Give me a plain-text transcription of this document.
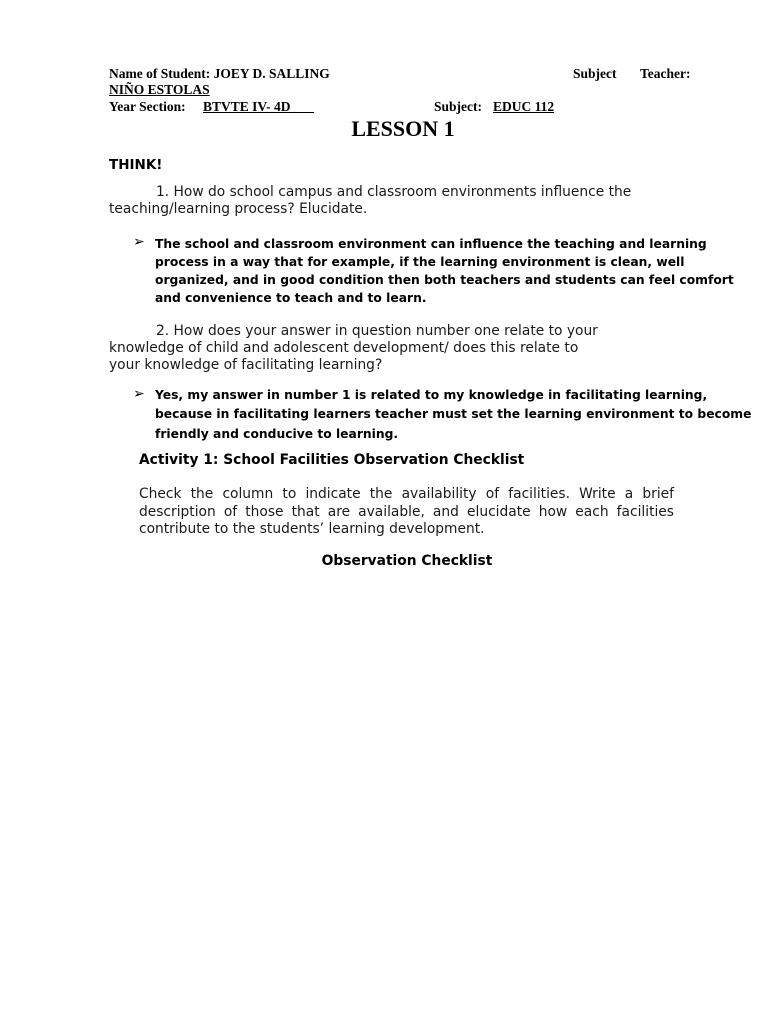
Name of Student: JOEY D. SALLING	Subject Teacher:
NIÑO ESTOLAS
Year Section: BTVTE IV- 4D	Subject: EDUC 112
LESSON 1
THINK!
1. How do school campus and classroom environments influence the
teaching/learning process? Elucidate.
➢ The school and classroom environment can influence the teaching and learning
process in a way that for example, if the learning environment is clean, well
organized, and in good condition then both teachers and students can feel comfort
and convenience to teach and to learn.
2. How does your answer in question number one relate to your
knowledge of child and adolescent development/ does this relate to
your knowledge of facilitating learning?
➢ Yes, my answer in number 1 is related to my knowledge in facilitating learning,
because in facilitating learners teacher must set the learning environment to become
friendly and conducive to learning.
Activity 1: School Facilities Observation Checklist
Check the column to indicate the availability of facilities. Write a brief description of those that are available, and elucidate how each facilities contribute to the students’ learning development.
Observation Checklist
